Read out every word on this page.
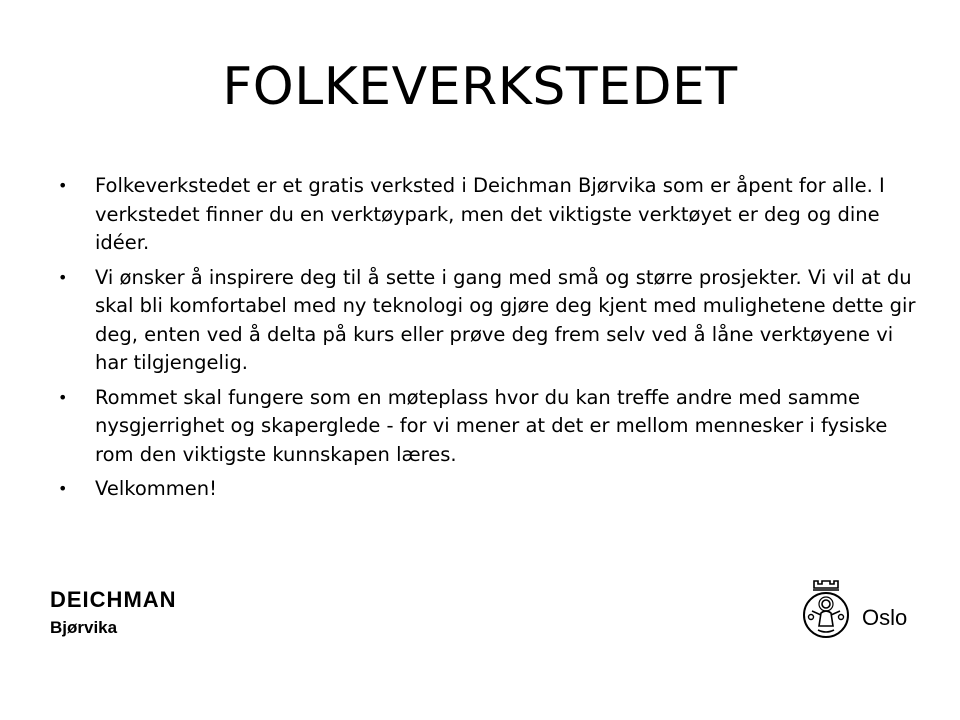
FOLKEVERKSTEDET
• Folkeverkstedet er et gratis verksted i Deichman Bjørvika som er åpent for alle. I verkstedet finner du en verktøypark, men det viktigste verktøyet er deg og dine idéer.
• Vi ønsker å inspirere deg til å sette i gang med små og større prosjekter. Vi vil at du skal bli komfortabel med ny teknologi og gjøre deg kjent med mulighetene dette gir deg, enten ved å delta på kurs eller prøve deg frem selv ved å låne verktøyene vi har tilgjengelig.
• Rommet skal fungere som en møteplass hvor du kan treffe andre med samme nysgjerrighet og skaperglede - for vi mener at det er mellom mennesker i fysiske rom den viktigste kunnskapen læres.
• Velkommen!
DEICHMAN
Bjørvika	Oslo
